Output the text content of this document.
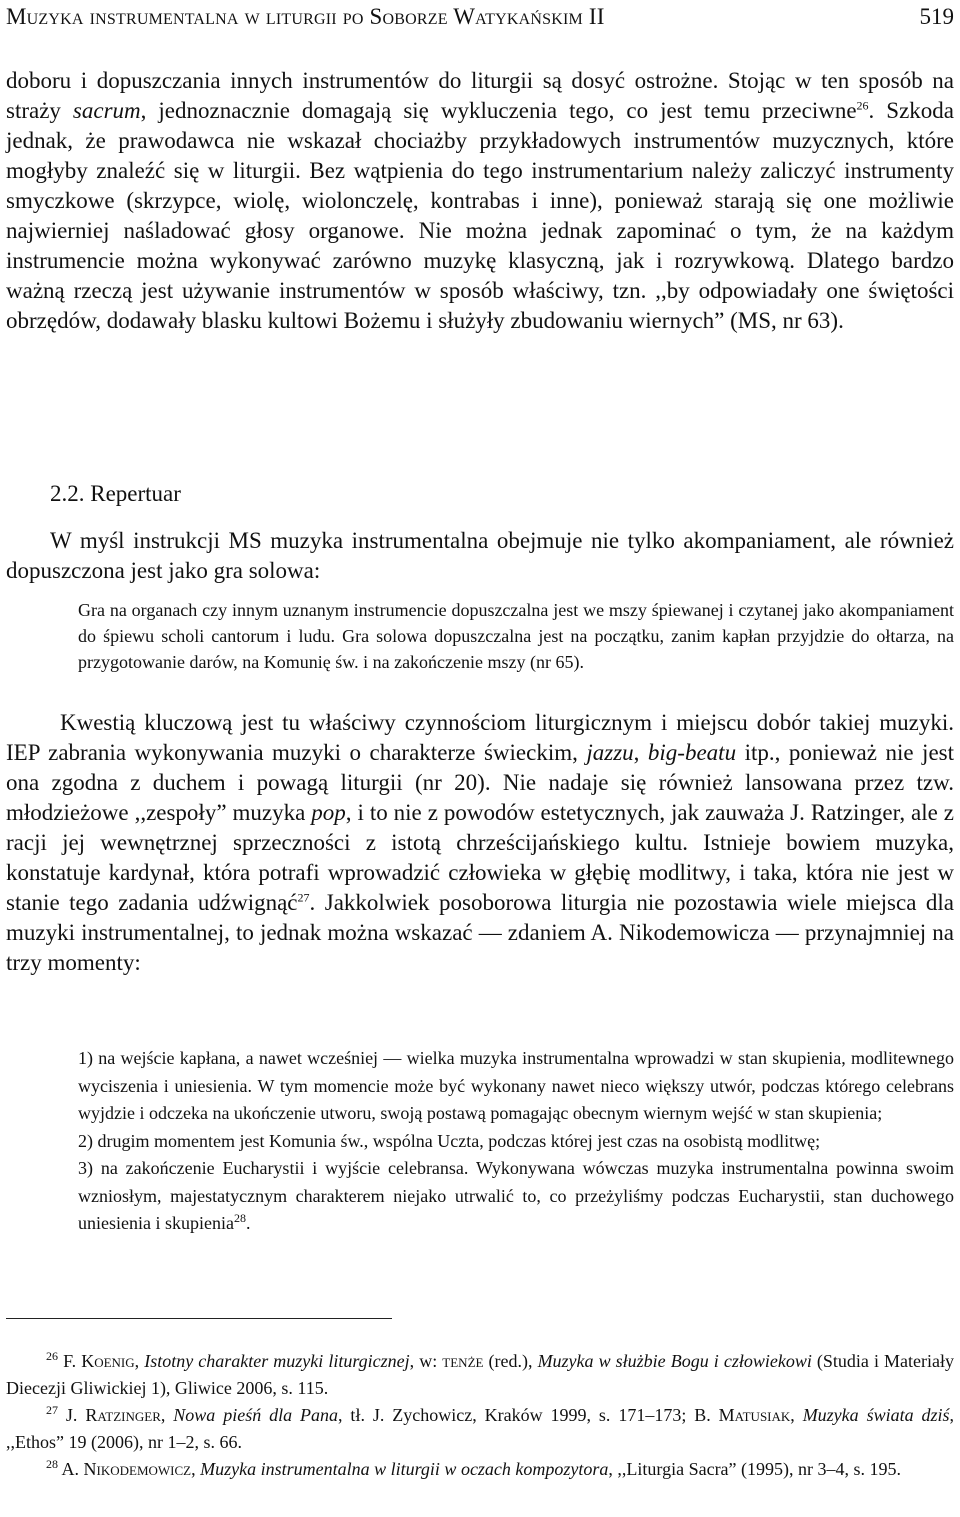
Muzyka instrumentalna w liturgii po Soborze Watykańskim II	519

doboru i dopuszczania innych instrumentów do liturgii są dosyć ostrożne. Stojąc w ten sposób na straży sacrum, jednoznacznie domagają się wykluczenia tego, co jest temu przeciwne$^{26}$. Szkoda jednak, że prawodawca nie wskazał chociażby przykładowych instrumentów muzycznych, które mogłyby znaleźć się w liturgii. Bez wątpienia do tego instrumentarium należy zaliczyć instrumenty smyczkowe (skrzypce, wiolę, wiolonczelę, kontrabas i inne), ponieważ starają się one możliwie najwierniej naśladować głosy organowe. Nie można jednak zapominać o tym, że na każdym instrumencie można wykonywać zarówno muzykę klasyczną, jak i rozrywkową. Dlatego bardzo ważną rzeczą jest używanie instrumentów w sposób właściwy, tzn. ,,by odpowiadały one świętości obrzędów, dodawały blasku kultowi Bożemu i służyły zbudowaniu wiernych” (MS, nr 63).

2.2. Repertuar

W myśl instrukcji MS muzyka instrumentalna obejmuje nie tylko akompaniament, ale również dopuszczona jest jako gra solowa:

Gra na organach czy innym uznanym instrumencie dopuszczalna jest we mszy śpiewanej i czytanej jako akompaniament do śpiewu scholi cantorum i ludu. Gra solowa dopuszczalna jest na początku, zanim kapłan przyjdzie do ołtarza, na przygotowanie darów, na Komunię św. i na zakończenie mszy (nr 65).

Kwestią kluczową jest tu właściwy czynnościom liturgicznym i miejscu dobór takiej muzyki. IEP zabrania wykonywania muzyki o charakterze świeckim, jazzu, big-beatu itp., ponieważ nie jest ona zgodna z duchem i powagą liturgii (nr 20). Nie nadaje się również lansowana przez tzw. młodzieżowe ,,zespoły” muzyka pop, i to nie z powodów estetycznych, jak zauważa J. Ratzinger, ale z racji jej wewnętrznej sprzeczności z istotą chrześcijańskiego kultu. Istnieje bowiem muzyka, konstatuje kardynał, która potrafi wprowadzić człowieka w głębię modlitwy, i taka, która nie jest w stanie tego zadania udźwignąć$^{27}$. Jakkolwiek posoborowa liturgia nie pozostawia wiele miejsca dla muzyki instrumentalnej, to jednak można wskazać — zdaniem A. Nikodemowicza — przynajmniej na trzy momenty:

1) na wejście kapłana, a nawet wcześniej — wielka muzyka instrumentalna wprowadzi w stan skupienia, modlitewnego wyciszenia i uniesienia. W tym momencie może być wykonany nawet nieco większy utwór, podczas którego celebrans wyjdzie i odczeka na ukończenie utworu, swoją postawą pomagając obecnym wiernym wejść w stan skupienia;
2) drugim momentem jest Komunia św., wspólna Uczta, podczas której jest czas na osobistą modlitwę;
3) na zakończenie Eucharystii i wyjście celebransa. Wykonywana wówczas muzyka instrumentalna powinna swoim wzniosłym, majestatycznym charakterem niejako utrwalić to, co przeżyliśmy podczas Eucharystii, stan duchowego uniesienia i skupienia$^{28}$.
$^{26}$ F. Koenig, Istotny charakter muzyki liturgicznej, w: tenże (red.), Muzyka w służbie Bogu i człowiekowi (Studia i Materiały Diecezji Gliwickiej 1), Gliwice 2006, s. 115.
$^{27}$ J. Ratzinger, Nowa pieśń dla Pana, tł. J. Zychowicz, Kraków 1999, s. 171–173; B. Matusiak, Muzyka świata dziś, ,,Ethos” 19 (2006), nr 1–2, s. 66.
$^{28}$ A. Nikodemowicz, Muzyka instrumentalna w liturgii w oczach kompozytora, ,,Liturgia Sacra” (1995), nr 3–4, s. 195.
